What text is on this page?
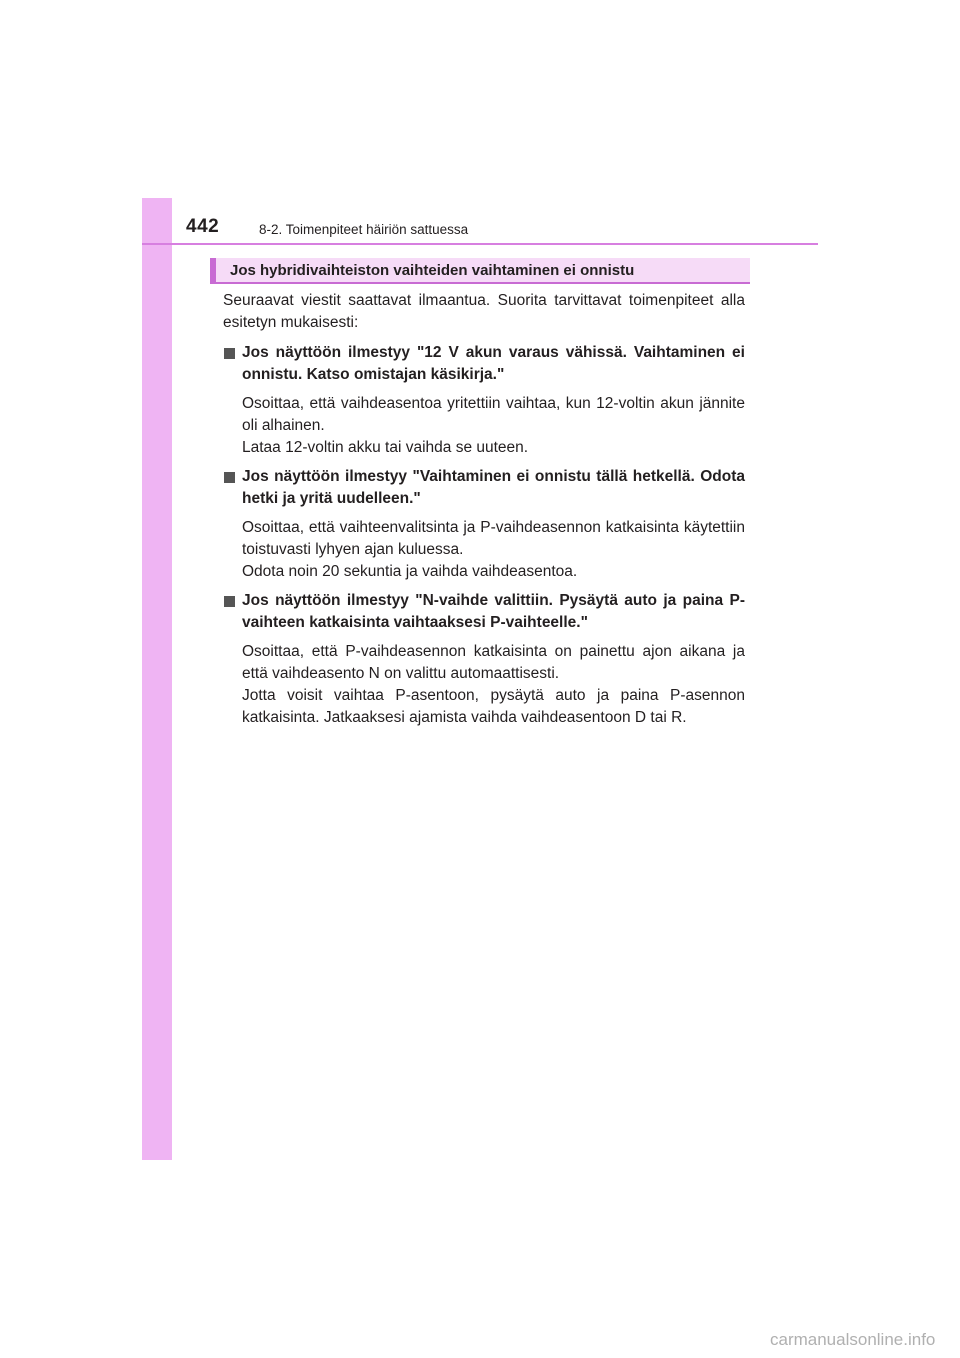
442	8-2. Toimenpiteet häiriön sattuessa
Jos hybridivaihteiston vaihteiden vaihtaminen ei onnistu

Seuraavat viestit saattavat ilmaantua. Suorita tarvittavat toimenpiteet alla esitetyn mukaisesti:

Jos näyttöön ilmestyy "12 V akun varaus vähissä. Vaihtaminen ei onnistu. Katso omistajan käsikirja."

Osoittaa, että vaihdeasentoa yritettiin vaihtaa, kun 12-voltin akun jännite oli alhainen.

Lataa 12-voltin akku tai vaihda se uuteen.

Jos näyttöön ilmestyy "Vaihtaminen ei onnistu tällä hetkellä. Odota hetki ja yritä uudelleen."

Osoittaa, että vaihteenvalitsinta ja P-vaihdeasennon katkaisinta käytettiin toistuvasti lyhyen ajan kuluessa.

Odota noin 20 sekuntia ja vaihda vaihdeasentoa.

Jos näyttöön ilmestyy "N-vaihde valittiin. Pysäytä auto ja paina P-vaihteen katkaisinta vaihtaaksesi P-vaihteelle."

Osoittaa, että P-vaihdeasennon katkaisinta on painettu ajon aikana ja että vaihdeasento N on valittu automaattisesti.

Jotta voisit vaihtaa P-asentoon, pysäytä auto ja paina P-asennon katkaisinta. Jatkaaksesi ajamista vaihda vaihdeasentoon D tai R.

carmanualsonline.info
